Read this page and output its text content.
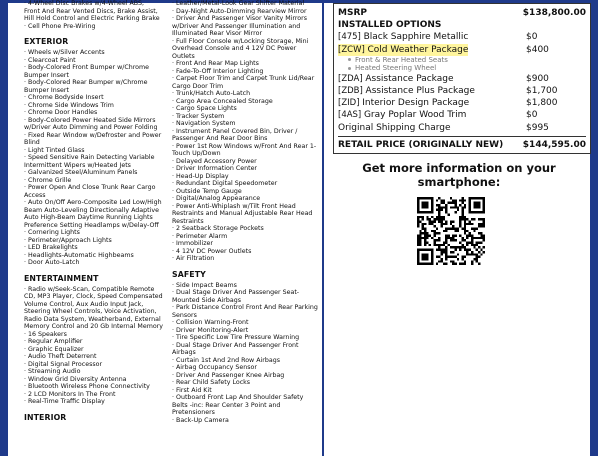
· 4-Wheel Disc Brakes w/4-Wheel ABS,

Front And Rear Vented Discs, Brake Assist,

Hill Hold Control and Electric Parking Brake

· Cell Phone Pre-Wiring

EXTERIOR

· Wheels w/Silver Accents

· Clearcoat Paint

· Body-Colored Front Bumper w/Chrome Bumper Insert

· Body-Colored Rear Bumper w/Chrome Bumper Insert

· Chrome Bodyside Insert

· Chrome Side Windows Trim

· Chrome Door Handles

· Body-Colored Power Heated Side Mirrors w/Driver Auto Dimming and Power Folding

· Fixed Rear Window w/Defroster and Power Blind

· Light Tinted Glass

· Speed Sensitive Rain Detecting Variable Intermittent Wipers w/Heated Jets

· Galvanized Steel/Aluminum Panels

· Chrome Grille

· Power Open And Close Trunk Rear Cargo Access

· Auto On/Off Aero-Composite Led Low/High Beam Auto-Leveling Directionally Adaptive Auto High-Beam Daytime Running Lights Preference Setting Headlamps w/Delay-Off

· Cornering Lights

· Perimeter/Approach Lights

· LED Brakelights

· Headlights-Automatic Highbeams

· Door Auto-Latch

ENTERTAINMENT

· Radio w/Seek-Scan, Compatible Remote CD, MP3 Player, Clock, Speed Compensated Volume Control, Aux Audio Input Jack, Steering Wheel Controls, Voice Activation, Radio Data System, Weatherband, External Memory Control and 20 Gb Internal Memory

· 16 Speakers

· Regular Amplifier

· Graphic Equalizer

· Audio Theft Deterrent

· Digital Signal Processor

· Streaming Audio

· Window Grid Diversity Antenna

· Bluetooth Wireless Phone Connectivity

· 2 LCD Monitors In The Front

· Real-Time Traffic Display

INTERIOR

· Leather/Metal-Look Gear Shifter Material

· Day-Night Auto-Dimming Rearview Mirror

· Driver And Passenger Visor Vanity Mirrors w/Driver And Passenger Illumination and Illuminated Rear Visor Mirror

· Full Floor Console w/Locking Storage, Mini Overhead Console and 4 12V DC Power Outlets

· Front And Rear Map Lights

· Fade-To-Off Interior Lighting

· Carpet Floor Trim and Carpet Trunk Lid/Rear Cargo Door Trim

· Trunk/Hatch Auto-Latch

· Cargo Area Concealed Storage

· Cargo Space Lights

· Tracker System

· Navigation System

· Instrument Panel Covered Bin, Driver / Passenger And Rear Door Bins

· Power 1st Row Windows w/Front And Rear 1-Touch Up/Down

· Delayed Accessory Power

· Driver Information Center

· Head-Up Display

· Redundant Digital Speedometer

· Outside Temp Gauge

· Digital/Analog Appearance

· Power Anti-Whiplash w/Tilt Front Head Restraints and Manual Adjustable Rear Head Restraints

· 2 Seatback Storage Pockets

· Perimeter Alarm

· Immobilizer

· 4 12V DC Power Outlets

· Air Filtration

SAFETY

· Side Impact Beams

· Dual Stage Driver And Passenger Seat-Mounted Side Airbags

· Park Distance Control Front And Rear Parking Sensors

· Collision Warning-Front

· Driver Monitoring-Alert

· Tire Specific Low Tire Pressure Warning

· Dual Stage Driver And Passenger Front Airbags

· Curtain 1st And 2nd Row Airbags

· Airbag Occupancy Sensor

· Driver And Passenger Knee Airbag

· Rear Child Safety Locks

· First Aid Kit

· Outboard Front Lap And Shoulder Safety Belts -inc: Rear Center 3 Point and Pretensioners

· Back-Up Camera

MSRP	$138,800.00
INSTALLED OPTIONS
[475] Black Sapphire Metallic	$0
[ZCW] Cold Weather Package	$400
Front & Rear Heated Seats
Heated Steering Wheel
[ZDA] Assistance Package	$900
[ZDB] Assistance Plus Package	$1,700
[ZID] Interior Design Package	$1,800
[4AS] Gray Poplar Wood Trim	$0
Original Shipping Charge	$995
RETAIL PRICE (ORIGINALLY NEW) $144,595.00
Get more information on your smartphone:
